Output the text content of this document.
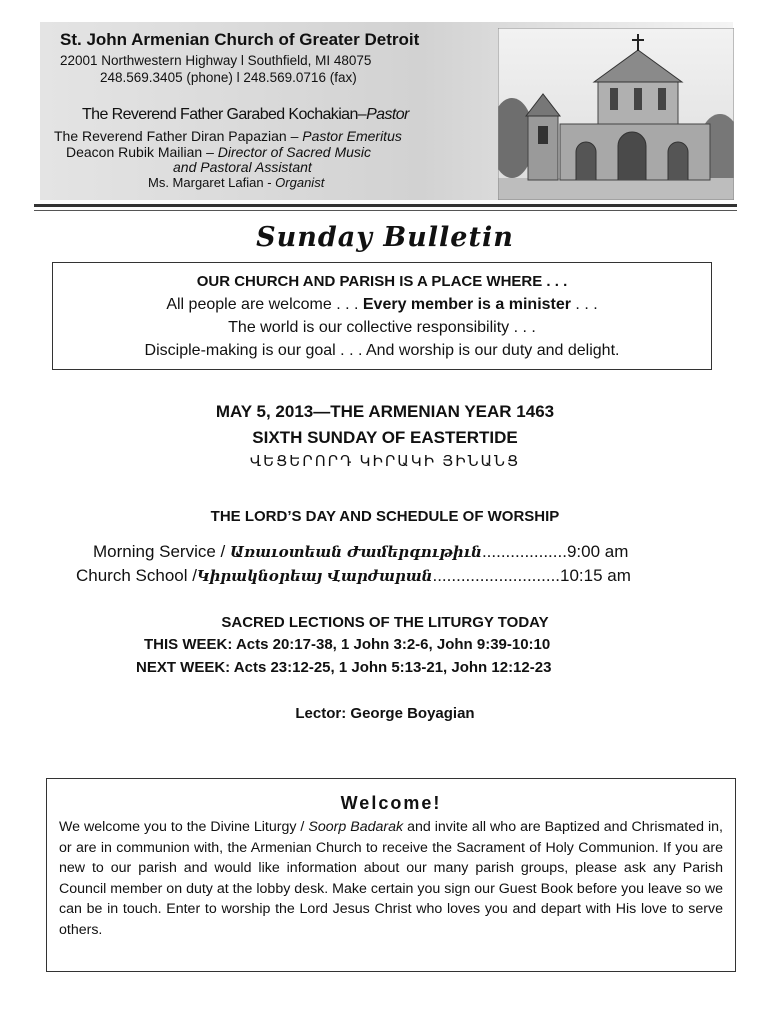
St. John Armenian Church of Greater Detroit
22001 Northwestern Highway l Southfield, MI 48075
248.569.3405 (phone) l 248.569.0716 (fax)
The Reverend Father Garabed Kochakian–Pastor
The Reverend Father Diran Papazian – Pastor Emeritus
Deacon Rubik Mailian – Director of Sacred Music
and Pastoral Assistant
Ms. Margaret Lafian - Organist
Sunday Bulletin
OUR CHURCH AND PARISH IS A PLACE WHERE . . .
All people are welcome . . . Every member is a minister . . .
The world is our collective responsibility . . .
Disciple-making is our goal . . . And worship is our duty and delight.
MAY 5, 2013—THE ARMENIAN YEAR 1463
SIXTH SUNDAY OF EASTERTIDE
ՎԵՑԵՐՈՐԴ ԿԻՐԱԿԻ ՅԻՆԱՆՑ
THE LORD’S DAY AND SCHEDULE OF WORSHIP
Morning Service / Առաւօտեան Ժամերգութիւն..................9:00 am
Church School /Կիրակնօրեայ Վարժարան...........................10:15 am
SACRED LECTIONS OF THE LITURGY TODAY
THIS WEEK: Acts 20:17-38, 1 John 3:2-6, John 9:39-10:10
NEXT WEEK: Acts 23:12-25, 1 John 5:13-21, John 12:12-23
Lector: George Boyagian
Welcome!
We welcome you to the Divine Liturgy / Soorp Badarak and invite all who are Baptized and Chrismated in, or are in communion with, the Armenian Church to receive the Sacrament of Holy Communion. If you are new to our parish and would like information about our many parish groups, please ask any Parish Council member on duty at the lobby desk. Make certain you sign our Guest Book before you leave so we can be in touch. Enter to worship the Lord Jesus Christ who loves you and depart with His love to serve others.
